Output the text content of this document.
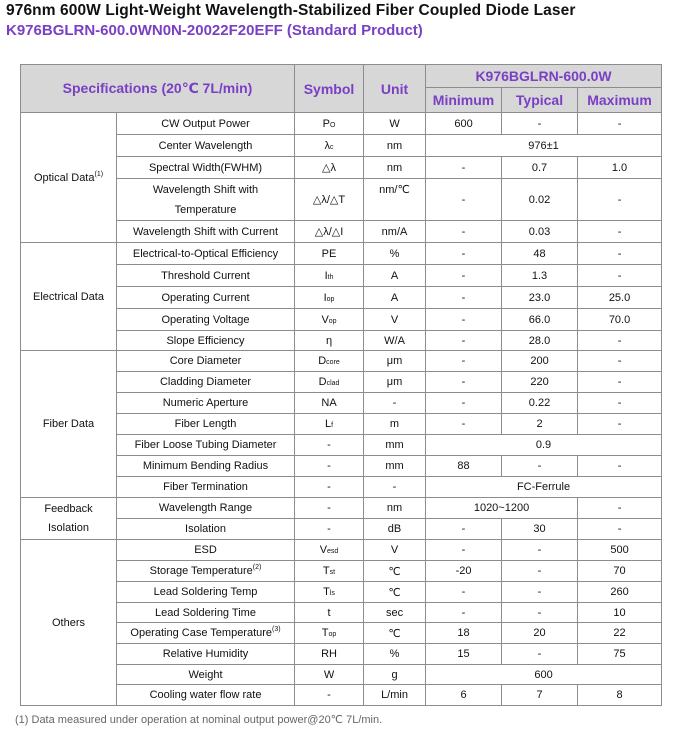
976nm 600W Light-Weight Wavelength-Stabilized Fiber Coupled Diode Laser
K976BGLRN-600.0WN0N-20022F20EFF (Standard Product)
Specifications (20℃ 7L/min)		Symbol	Unit	K976BGLRN-600.0W		
				Minimum	Typical	Maximum
Optical Data$^{(1)}$	CW Output Power	PO	W	600	-	-
	Center Wavelength	λc	nm	976±1		
	Spectral Width(FWHM)	△λ	nm	-	0.7	1.0

	Wavelength Shift with
Temperature	△λ/△T	nm/℃	-	0.02	-
	Wavelength Shift with Current	△λ/△I	nm/A	-	0.03	-
Electrical Data	Electrical-to-Optical Efficiency	PE	%	-	48	-
	Threshold Current	Ith	A	-	1.3	-
	Operating Current	Iop	A	-	23.0	25.0
	Operating Voltage	Vop	V	-	66.0	70.0
	Slope Efficiency	η	W/A	-	28.0	-
Fiber Data	Core Diameter	Dcore	μm	-	200	-
	Cladding Diameter	Dclad	μm	-	220	-
	Numeric Aperture	NA	-	-	0.22	-
	Fiber Length	Lf	m	-	2	-
	Fiber Loose Tubing Diameter	-	mm	0.9		
	Minimum Bending Radius	-	mm	88	-	-
	Fiber Termination	-	-	FC-Ferrule		

Feedback
Isolation	Wavelength Range	-	nm	1020~1200		-
	Isolation	-	dB	-	30	-
Others	ESD	Vesd	V	-	-	500
	Storage Temperature$^{(2)}$	Tst	℃	-20	-	70
	Lead Soldering Temp	Tls	℃	-	-	260
	Lead Soldering Time	t	sec	-	-	10
	Operating Case Temperature$^{(3)}$	Top	℃	18	20	22
	Relative Humidity	RH	%	15	-	75
	Weight	W	g	600		
	Cooling water flow rate	-	L/min	6	7	8
(1) Data measured under operation at nominal output power@20℃ 7L/min.
